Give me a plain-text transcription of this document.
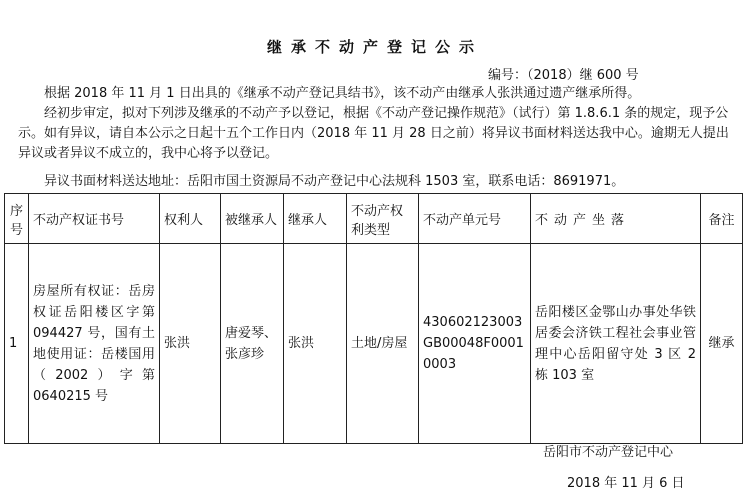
继承不动产登记公示
编号：（2018）继 600 号
根据 2018 年 11 月 1 日出具的《继承不动产登记具结书》，该不动产由继承人张洪通过遗产继承所得。
经初步审定，拟对下列涉及继承的不动产予以登记，根据《不动产登记操作规范》（试行）第 1.8.6.1 条的规定，现予公示。如有异议，请自本公示之日起十五个工作日内（2018 年 11 月 28 日之前）将异议书面材料送达我中心。逾期无人提出异议或者异议不成立的，我中心将予以登记。
异议书面材料送达地址：岳阳市国土资源局不动产登记中心法规科 1503 室，联系电话：8691971。
序号	不动产权证书号	权利人	被继承人	继承人	不动产权利类型	不动产单元号	不动产坐落	备注
1	房屋所有权证：岳房权证岳阳楼区字第 094427 号，国有土地使用证：岳楼国用（2002）字第 0640215 号	张洪	唐爱琴、张彦珍	张洪	土地/房屋	430602123003GB00048F00010003	岳阳楼区金鄂山办事处华铁居委会济铁工程社会事业管理中心岳阳留守处 3 区 2 栋 103 室	继承
岳阳市不动产登记中心
2018 年 11 月 6 日
